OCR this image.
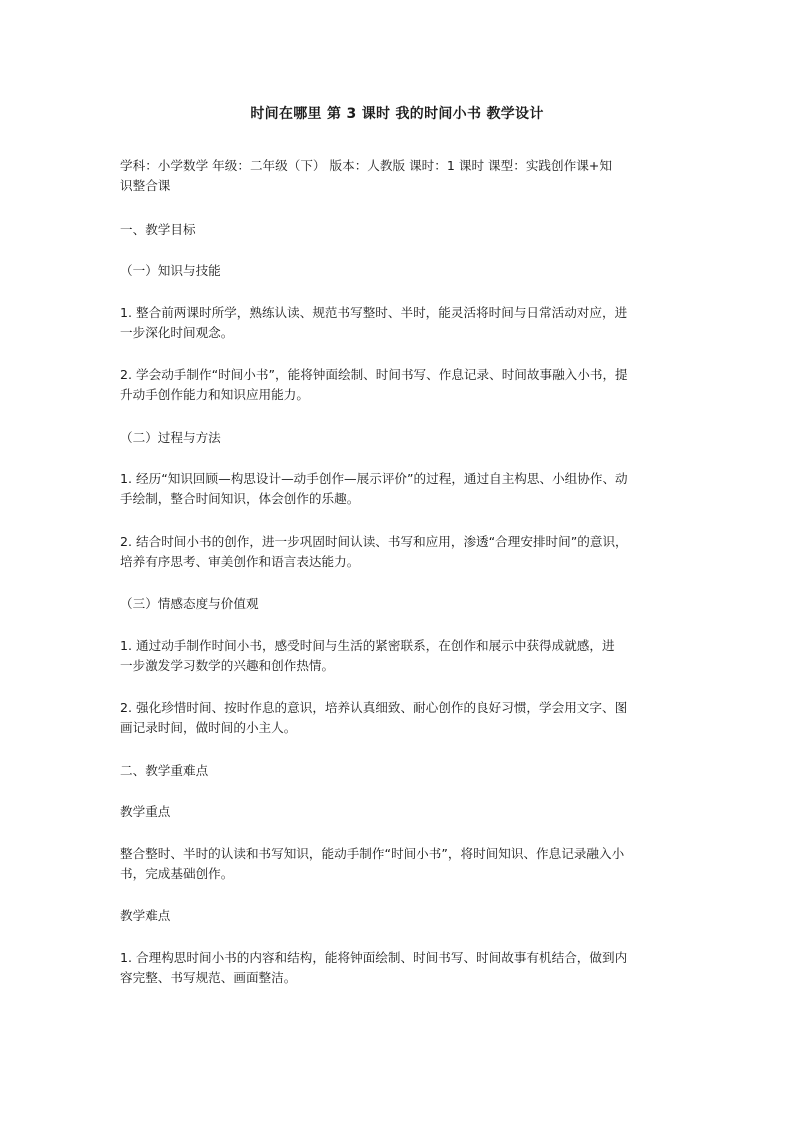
时间在哪里 第 3 课时 我的时间小书 教学设计
学科：小学数学 年级：二年级（下） 版本：人教版 课时：1 课时 课型：实践创作课+知
识整合课
一、教学目标
（一）知识与技能
1. 整合前两课时所学，熟练认读、规范书写整时、半时，能灵活将时间与日常活动对应，进
一步深化时间观念。
2. 学会动手制作“时间小书”，能将钟面绘制、时间书写、作息记录、时间故事融入小书，提
升动手创作能力和知识应用能力。
（二）过程与方法
1. 经历“知识回顾—构思设计—动手创作—展示评价”的过程，通过自主构思、小组协作、动
手绘制，整合时间知识，体会创作的乐趣。
2. 结合时间小书的创作，进一步巩固时间认读、书写和应用，渗透“合理安排时间”的意识，
培养有序思考、审美创作和语言表达能力。
（三）情感态度与价值观
1. 通过动手制作时间小书，感受时间与生活的紧密联系，在创作和展示中获得成就感，进
一步激发学习数学的兴趣和创作热情。
2. 强化珍惜时间、按时作息的意识，培养认真细致、耐心创作的良好习惯，学会用文字、图
画记录时间，做时间的小主人。
二、教学重难点
教学重点
整合整时、半时的认读和书写知识，能动手制作“时间小书”，将时间知识、作息记录融入小
书，完成基础创作。
教学难点
1. 合理构思时间小书的内容和结构，能将钟面绘制、时间书写、时间故事有机结合，做到内
容完整、书写规范、画面整洁。
